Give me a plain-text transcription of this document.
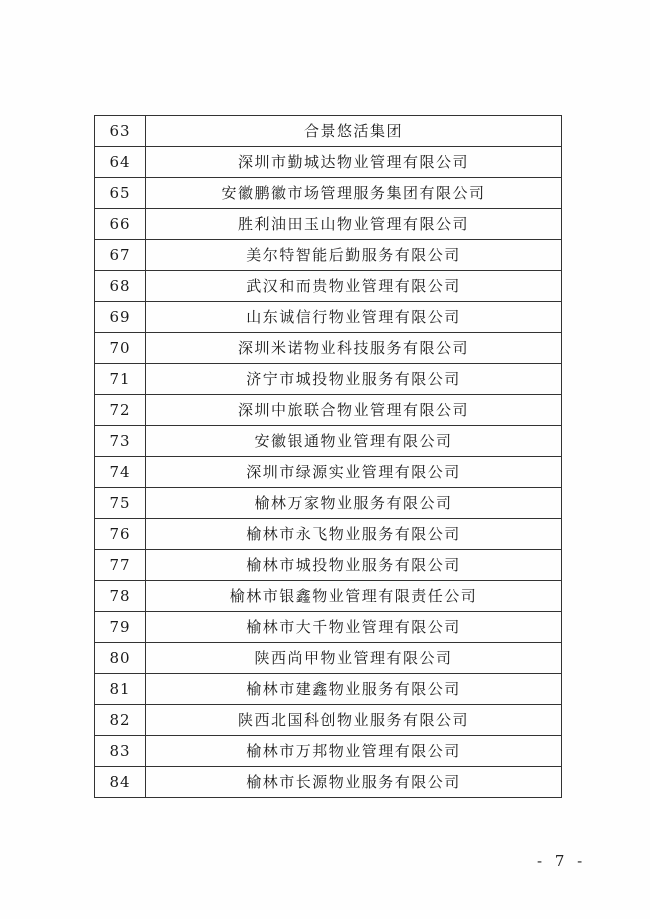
63	合景悠活集团
64	深圳市勤城达物业管理有限公司
65	安徽鹏徽市场管理服务集团有限公司
66	胜利油田玉山物业管理有限公司
67	美尔特智能后勤服务有限公司
68	武汉和而贵物业管理有限公司
69	山东诚信行物业管理有限公司
70	深圳米诺物业科技服务有限公司
71	济宁市城投物业服务有限公司
72	深圳中旅联合物业管理有限公司
73	安徽银通物业管理有限公司
74	深圳市绿源实业管理有限公司
75	榆林万家物业服务有限公司
76	榆林市永飞物业服务有限公司
77	榆林市城投物业服务有限公司
78	榆林市银鑫物业管理有限责任公司
79	榆林市大千物业管理有限公司
80	陕西尚甲物业管理有限公司
81	榆林市建鑫物业服务有限公司
82	陕西北国科创物业服务有限公司
83	榆林市万邦物业管理有限公司
84	榆林市长源物业服务有限公司
- 7 -
